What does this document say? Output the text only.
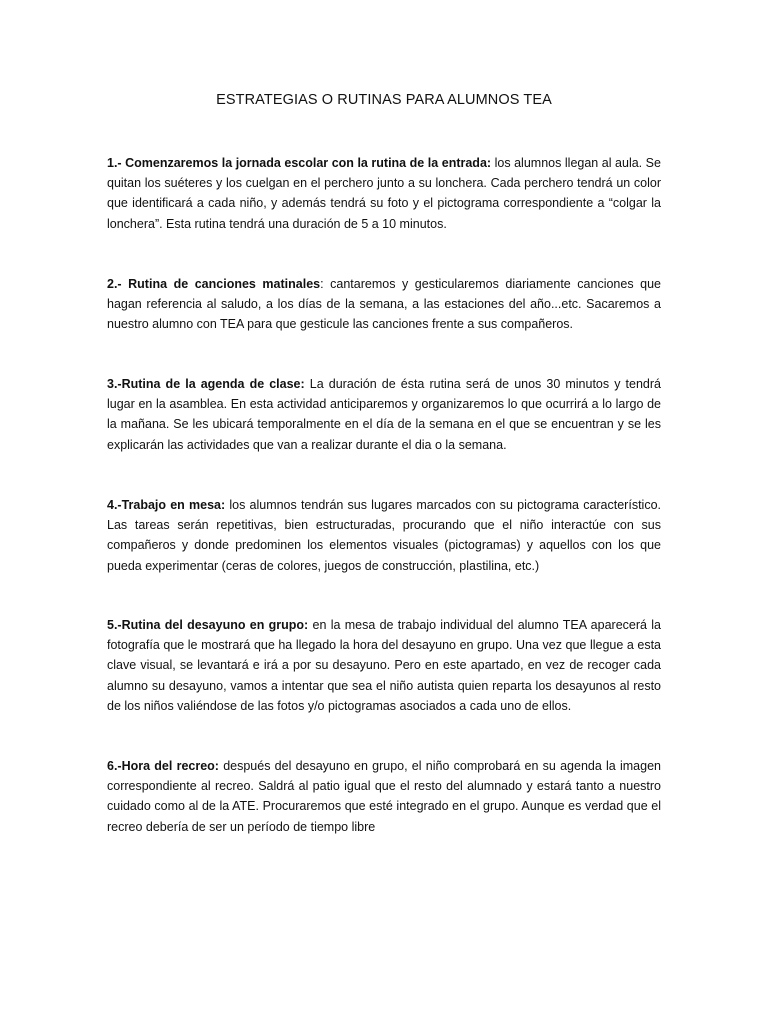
ESTRATEGIAS O RUTINAS PARA ALUMNOS TEA

1.- Comenzaremos la jornada escolar con la rutina de la entrada: los alumnos llegan al aula. Se quitan los suéteres y los cuelgan en el perchero junto a su lonchera. Cada perchero tendrá un color que identificará a cada niño, y además tendrá su foto y el pictograma correspondiente a “colgar la lonchera”. Esta rutina tendrá una duración de 5 a 10 minutos.

2.- Rutina de canciones matinales: cantaremos y gesticularemos diariamente canciones que hagan referencia al saludo, a los días de la semana, a las estaciones del año...etc. Sacaremos a nuestro alumno con TEA para que gesticule las canciones frente a sus compañeros.

3.-Rutina de la agenda de clase: La duración de ésta rutina será de unos 30 minutos y tendrá lugar en la asamblea. En esta actividad anticiparemos y organizaremos lo que ocurrirá a lo largo de la mañana. Se les ubicará temporalmente en el día de la semana en el que se encuentran y se les explicarán las actividades que van a realizar durante el dia o la semana.

4.-Trabajo en mesa: los alumnos tendrán sus lugares marcados con su pictograma característico. Las tareas serán repetitivas, bien estructuradas, procurando que el niño interactúe con sus compañeros y donde predominen los elementos visuales (pictogramas) y aquellos con los que pueda experimentar (ceras de colores, juegos de construcción, plastilina, etc.)

5.-Rutina del desayuno en grupo: en la mesa de trabajo individual del alumno TEA aparecerá la fotografía que le mostrará que ha llegado la hora del desayuno en grupo. Una vez que llegue a esta clave visual, se levantará e irá a por su desayuno. Pero en este apartado, en vez de recoger cada alumno su desayuno, vamos a intentar que sea el niño autista quien reparta los desayunos al resto de los niños valiéndose de las fotos y/o pictogramas asociados a cada uno de ellos.

6.-Hora del recreo: después del desayuno en grupo, el niño comprobará en su agenda la imagen correspondiente al recreo. Saldrá al patio igual que el resto del alumnado y estará tanto a nuestro cuidado como al de la ATE. Procuraremos que esté integrado en el grupo. Aunque es verdad que el recreo debería de ser un período de tiempo libre
